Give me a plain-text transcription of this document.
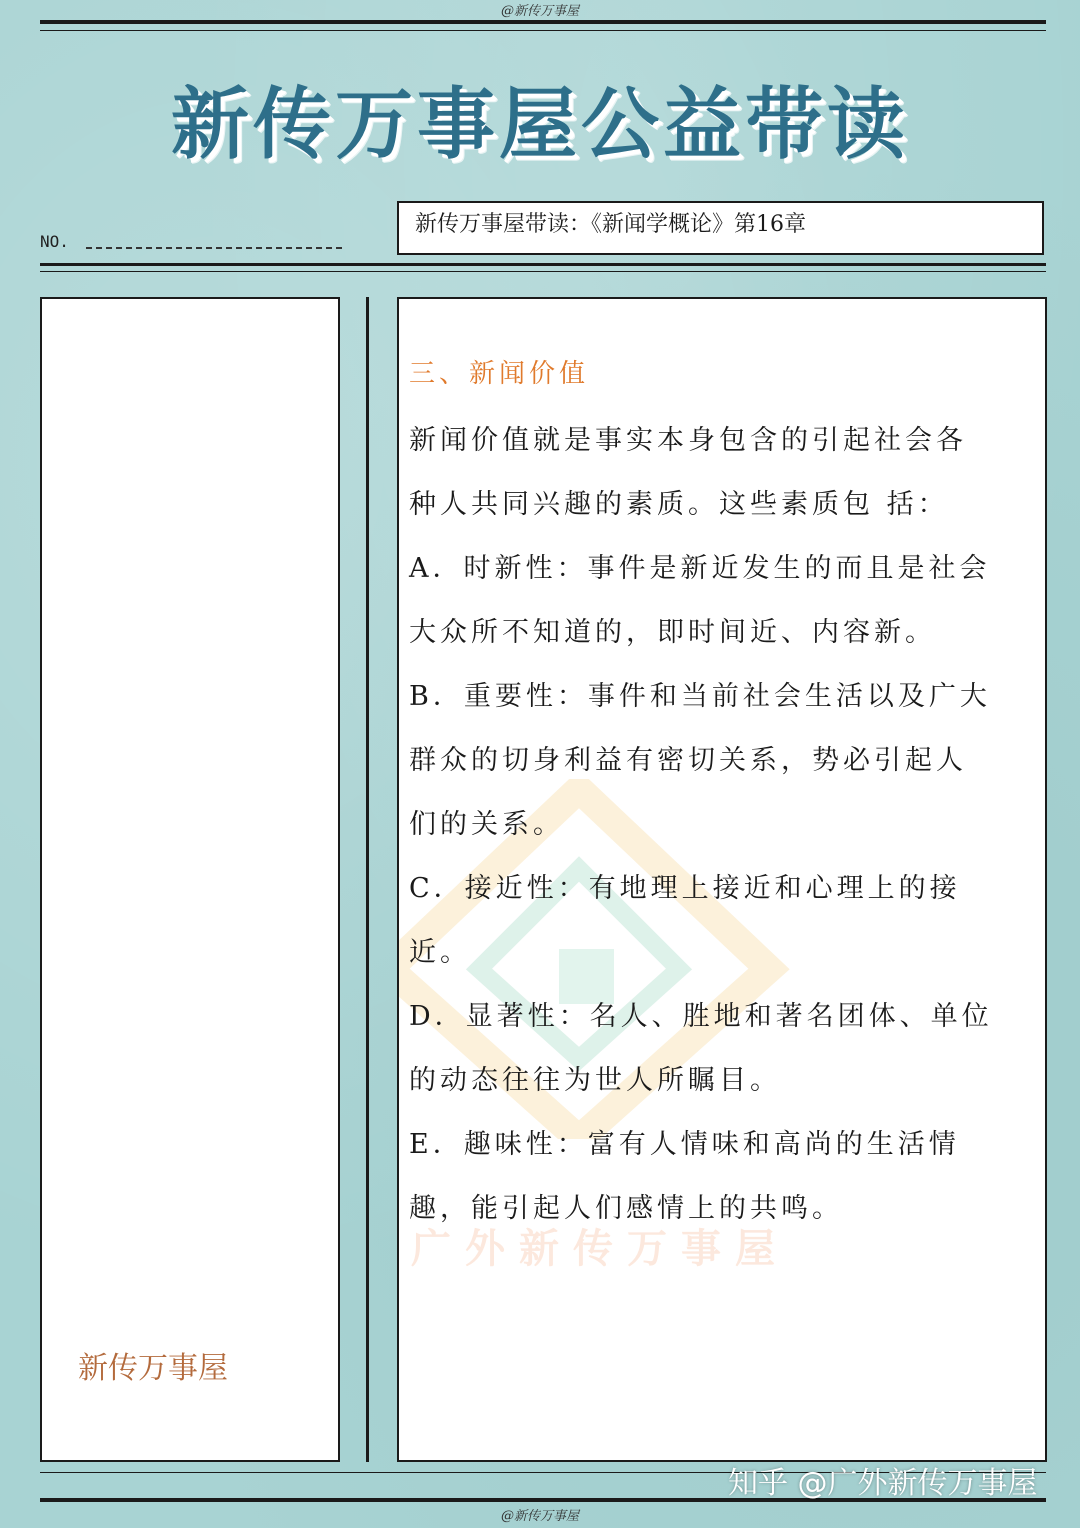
@新传万事屋
新传万事屋公益带读
NO.
新传万事屋带读：《新闻学概论》第16章
新传万事屋
广外新传万事屋
三、新闻价值

新闻价值就是事实本身包含的引起社会各
种人共同兴趣的素质。这些素质包 括：
A．时新性：事件是新近发生的而且是社会
大众所不知道的，即时间近、内容新。
B．重要性：事件和当前社会生活以及广大
群众的切身利益有密切关系，势必引起人
们的关系。
C．接近性：有地理上接近和心理上的接
近。
D．显著性：名人、胜地和著名团体、单位
的动态往往为世人所瞩目。
E．趣味性：富有人情味和高尚的生活情
趣，能引起人们感情上的共鸣。

知乎 @广外新传万事屋
@新传万事屋
